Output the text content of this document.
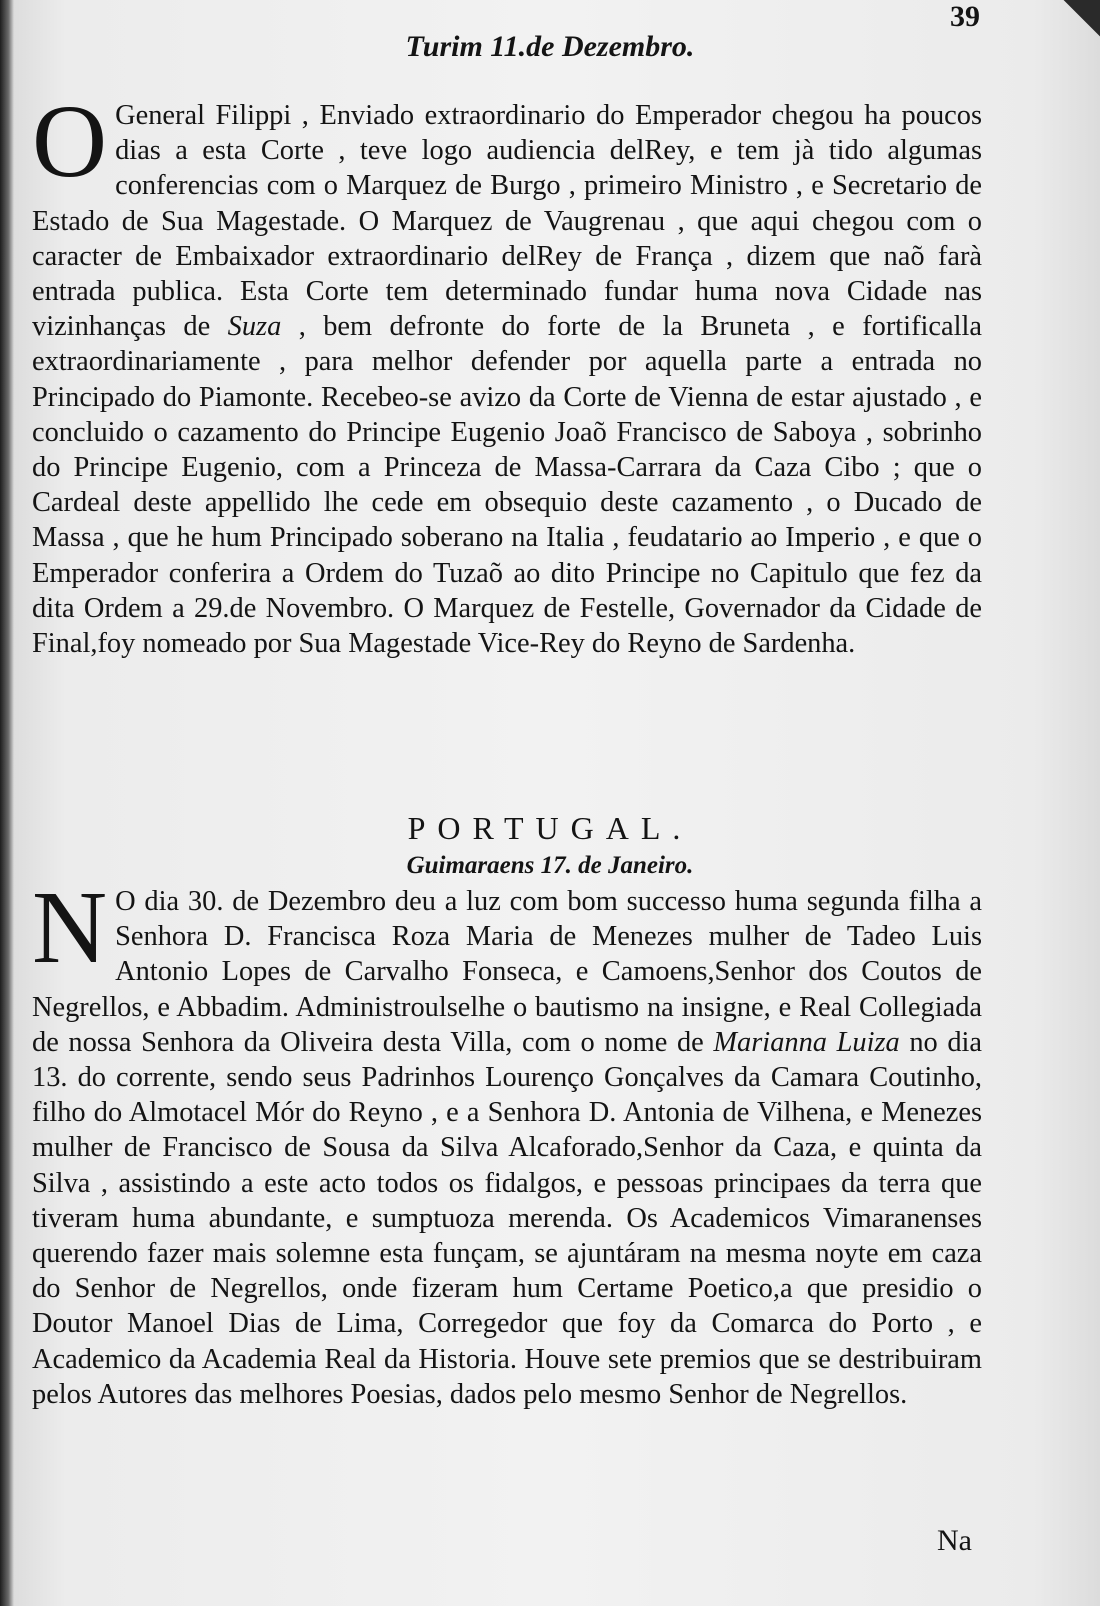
39
Turim 11.de Dezembro.
O General Filippi , Enviado extraordinario do Emperador chegou ha poucos dias a esta Corte , teve logo audiencia delRey, e tem jà tido algumas conferencias com o Marquez de Burgo , primeiro Ministro , e Secretario de Estado de Sua Magestade. O Marquez de Vaugrenau , que aqui chegou com o caracter de Embaixador extraordinario delRey de França , dizem que naõ farà entrada publica. Esta Corte tem determinado fundar huma nova Cidade nas vizinhanças de Suza , bem defronte do forte de la Bruneta , e fortificalla extraordinariamente , para melhor defender por aquella parte a entrada no Principado do Piamonte. Recebeo-se avizo da Corte de Vienna de estar ajustado , e concluido o cazamento do Principe Eugenio Joaõ Francisco de Saboya , sobrinho do Principe Eugenio, com a Princeza de Massa-Carrara da Caza Cibo ; que o Cardeal deste appellido lhe cede em obsequio deste cazamento , o Ducado de Massa , que he hum Principado soberano na Italia , feudatario ao Imperio , e que o Emperador conferira a Ordem do Tuzaõ ao dito Principe no Capitulo que fez da dita Ordem a 29.de Novembro. O Marquez de Festelle, Governador da Cidade de Final,foy nomeado por Sua Magestade Vice-Rey do Reyno de Sardenha.
PORTUGAL.
Guimaraens 17. de Janeiro.
N O dia 30. de Dezembro deu a luz com bom successo huma segunda filha a Senhora D. Francisca Roza Maria de Menezes mulher de Tadeo Luis Antonio Lopes de Carvalho Fonseca, e Camoens,Senhor dos Coutos de Negrellos, e Abbadim. Administroulselhe o bautismo na insigne, e Real Collegiada de nossa Senhora da Oliveira desta Villa, com o nome de Marianna Luiza no dia 13. do corrente, sendo seus Padrinhos Lourenço Gonçalves da Camara Coutinho, filho do Almotacel Mór do Reyno , e a Senhora D. Antonia de Vilhena, e Menezes mulher de Francisco de Sousa da Silva Alcaforado,Senhor da Caza, e quinta da Silva , assistindo a este acto todos os fidalgos, e pessoas principaes da terra que tiveram huma abundante, e sumptuoza merenda. Os Academicos Vimaranenses querendo fazer mais solemne esta funçam, se ajuntáram na mesma noyte em caza do Senhor de Negrellos, onde fizeram hum Certame Poetico,a que presidio o Doutor Manoel Dias de Lima, Corregedor que foy da Comarca do Porto , e Academico da Academia Real da Historia. Houve sete premios que se destribuiram pelos Autores das melhores Poesias, dados pelo mesmo Senhor de Negrellos.
Na
